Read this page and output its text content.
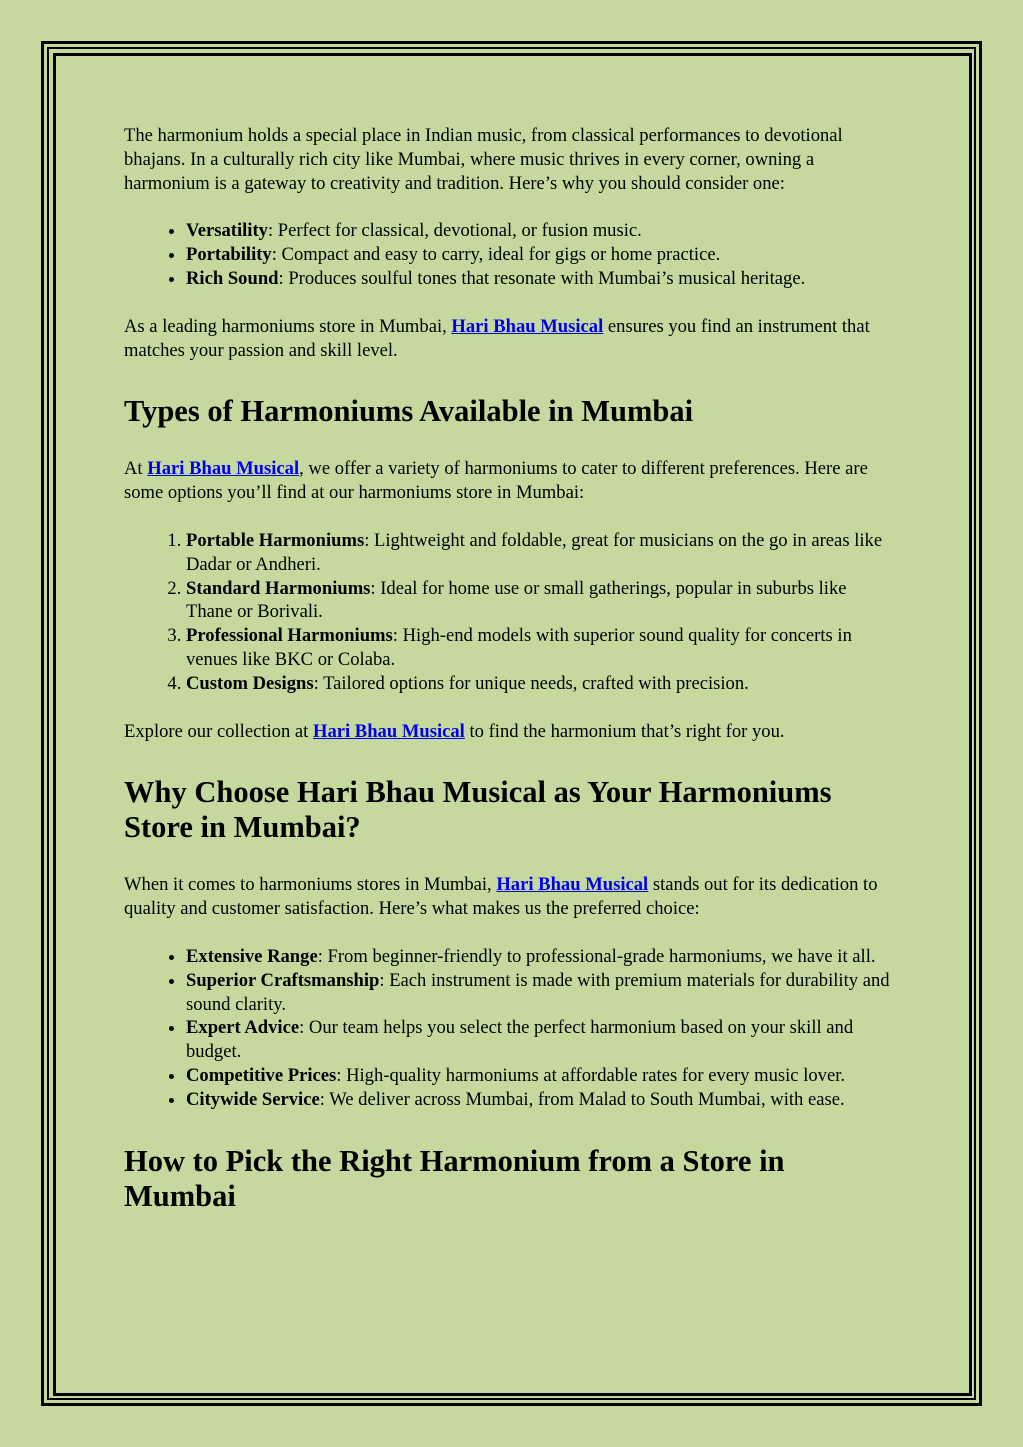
The harmonium holds a special place in Indian music, from classical performances to devotional bhajans. In a culturally rich city like Mumbai, where music thrives in every corner, owning a harmonium is a gateway to creativity and tradition. Here’s why you should consider one:

• Versatility: Perfect for classical, devotional, or fusion music.
• Portability: Compact and easy to carry, ideal for gigs or home practice.
• Rich Sound: Produces soulful tones that resonate with Mumbai’s musical heritage.

As a leading harmoniums store in Mumbai, Hari Bhau Musical ensures you find an instrument that matches your passion and skill level.

Types of Harmoniums Available in Mumbai

At Hari Bhau Musical, we offer a variety of harmoniums to cater to different preferences. Here are some options you’ll find at our harmoniums store in Mumbai:

1. Portable Harmoniums: Lightweight and foldable, great for musicians on the go in areas like Dadar or Andheri.
2. Standard Harmoniums: Ideal for home use or small gatherings, popular in suburbs like Thane or Borivali.
3. Professional Harmoniums: High-end models with superior sound quality for concerts in venues like BKC or Colaba.
4. Custom Designs: Tailored options for unique needs, crafted with precision.

Explore our collection at Hari Bhau Musical to find the harmonium that’s right for you.

Why Choose Hari Bhau Musical as Your Harmoniums Store in Mumbai?

When it comes to harmoniums stores in Mumbai, Hari Bhau Musical stands out for its dedication to quality and customer satisfaction. Here’s what makes us the preferred choice:

• Extensive Range: From beginner-friendly to professional-grade harmoniums, we have it all.
• Superior Craftsmanship: Each instrument is made with premium materials for durability and sound clarity.
• Expert Advice: Our team helps you select the perfect harmonium based on your skill and budget.
• Competitive Prices: High-quality harmoniums at affordable rates for every music lover.
• Citywide Service: We deliver across Mumbai, from Malad to South Mumbai, with ease.
How to Pick the Right Harmonium from a Store in Mumbai
